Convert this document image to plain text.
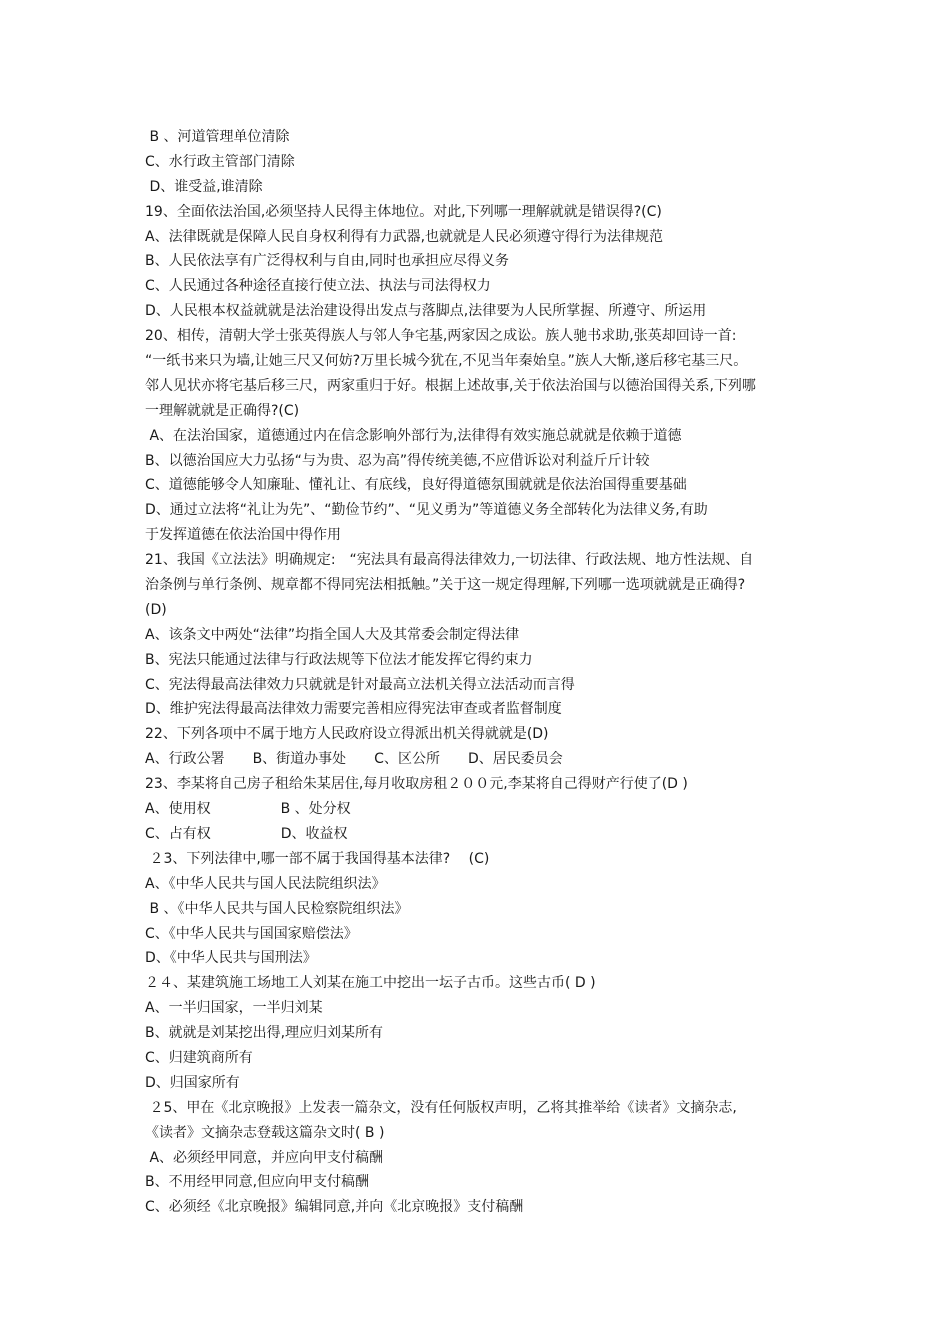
B 、河道管理单位清除
C、水行政主管部门清除
D、谁受益,谁清除
19、全面依法治国,必须坚持人民得主体地位。对此,下列哪一理解就就是错误得?(C)
A、法律既就是保障人民自身权利得有力武器,也就就是人民必须遵守得行为法律规范
B、人民依法享有广泛得权利与自由,同时也承担应尽得义务
C、人民通过各种途径直接行使立法、执法与司法得权力
D、人民根本权益就就是法治建设得出发点与落脚点,法律要为人民所掌握、所遵守、所运用
20、相传，清朝大学士张英得族人与邻人争宅基,两家因之成讼。族人驰书求助,张英却回诗一首:
“一纸书来只为墙,让她三尺又何妨?万里长城今犹在,不见当年秦始皇。”族人大惭,遂后移宅基三尺。
邻人见状亦将宅基后移三尺，两家重归于好。根据上述故事,关于依法治国与以德治国得关系,下列哪
一理解就就是正确得?(C)
A、在法治国家，道德通过内在信念影响外部行为,法律得有效实施总就就是依赖于道德
B、以德治国应大力弘扬“与为贵、忍为高”得传统美德,不应借诉讼对利益斤斤计较
C、道德能够令人知廉耻、懂礼让、有底线，良好得道德氛围就就是依法治国得重要基础
D、通过立法将“礼让为先”、“勤俭节约”、“见义勇为”等道德义务全部转化为法律义务,有助
于发挥道德在依法治国中得作用
21、我国《立法法》明确规定:　“宪法具有最高得法律效力,一切法律、行政法规、地方性法规、自
治条例与单行条例、规章都不得同宪法相抵触。”关于这一规定得理解,下列哪一选项就就是正确得?
(D)
A、该条文中两处“法律”均指全国人大及其常委会制定得法律
B、宪法只能通过法律与行政法规等下位法才能发挥它得约束力
C、宪法得最高法律效力只就就是针对最高立法机关得立法活动而言得
D、维护宪法得最高法律效力需要完善相应得宪法审查或者监督制度
22、下列各项中不属于地方人民政府设立得派出机关得就就是(D)
A、行政公署　　B、街道办事处　　C、区公所　　D、居民委员会
23、李某将自己房子租给朱某居住,每月收取房租２００元,李某将自己得财产行使了(D )
A、使用权　　　　　B 、处分权
C、占有权　　　　　D、收益权
２3、下列法律中,哪一部不属于我国得基本法律?　 (C)
A、《中华人民共与国人民法院组织法》
B 、《中华人民共与国人民检察院组织法》
C、《中华人民共与国国家赔偿法》
D、《中华人民共与国刑法》
２４、某建筑施工场地工人刘某在施工中挖出一坛子古币。这些古币( D )
A、一半归国家，一半归刘某
B、就就是刘某挖出得,理应归刘某所有
C、归建筑商所有
D、归国家所有
２5、甲在《北京晚报》上发表一篇杂文，没有任何版权声明，乙将其推举给《读者》文摘杂志,
《读者》文摘杂志登载这篇杂文时( B )
A、必须经甲同意，并应向甲支付稿酬
B、不用经甲同意,但应向甲支付稿酬
C、必须经《北京晚报》编辑同意,并向《北京晚报》支付稿酬
